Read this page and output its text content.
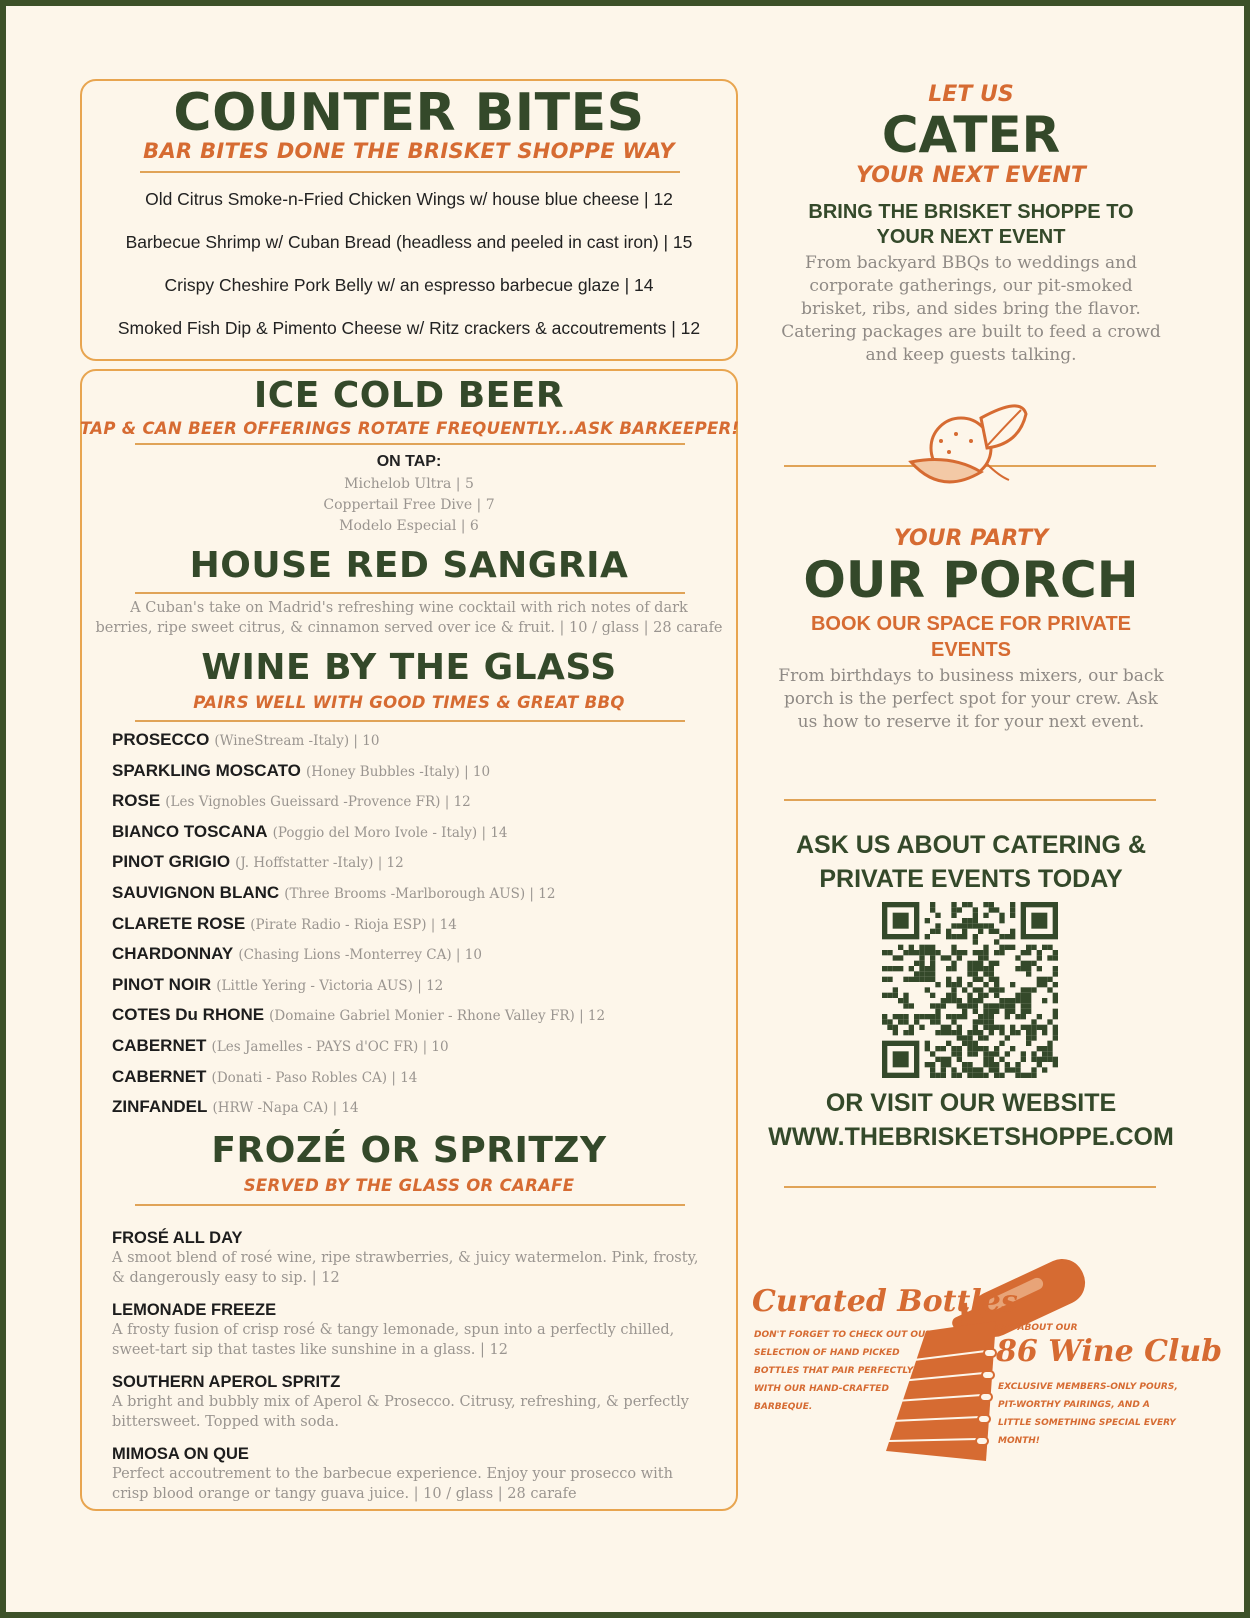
COUNTER BITES
BAR BITES DONE THE BRISKET SHOPPE WAY
Old Citrus Smoke-n-Fried Chicken Wings w/ house blue cheese | 12
Barbecue Shrimp w/ Cuban Bread (headless and peeled in cast iron) | 15
Crispy Cheshire Pork Belly w/ an espresso barbecue glaze | 14
Smoked Fish Dip & Pimento Cheese w/ Ritz crackers & accoutrements | 12
ICE COLD BEER
TAP & CAN BEER OFFERINGS ROTATE FREQUENTLY...ASK BARKEEPER!
ON TAP:
Michelob Ultra | 5
Coppertail Free Dive | 7
Modelo Especial | 6
HOUSE RED SANGRIA
A Cuban's take on Madrid's refreshing wine cocktail with rich notes of dark
berries, ripe sweet citrus, & cinnamon served over ice & fruit. | 10 / glass | 28 carafe
WINE BY THE GLASS
PAIRS WELL WITH GOOD TIMES & GREAT BBQ
PROSECCO (WineStream -Italy) | 10
SPARKLING MOSCATO (Honey Bubbles -Italy) | 10
ROSE (Les Vignobles Gueissard -Provence FR) | 12
BIANCO TOSCANA (Poggio del Moro Ivole - Italy) | 14
PINOT GRIGIO (J. Hoffstatter -Italy) | 12
SAUVIGNON BLANC (Three Brooms -Marlborough AUS) | 12
CLARETE ROSE (Pirate Radio - Rioja ESP) | 14
CHARDONNAY (Chasing Lions -Monterrey CA) | 10
PINOT NOIR (Little Yering - Victoria AUS) | 12
COTES Du RHONE (Domaine Gabriel Monier - Rhone Valley FR) | 12
CABERNET (Les Jamelles - PAYS d'OC FR) | 10
CABERNET (Donati - Paso Robles CA) | 14
ZINFANDEL (HRW -Napa CA) | 14
FROZÉ OR SPRITZY
SERVED BY THE GLASS OR CARAFE
FROSÉ ALL DAY
A smoot blend of rosé wine, ripe strawberries, & juicy watermelon. Pink, frosty, & dangerously easy to sip. | 12
LEMONADE FREEZE
A frosty fusion of crisp rosé & tangy lemonade, spun into a perfectly chilled, sweet-tart sip that tastes like sunshine in a glass. | 12
SOUTHERN APEROL SPRITZ
A bright and bubbly mix of Aperol & Prosecco. Citrusy, refreshing, & perfectly bittersweet. Topped with soda.
MIMOSA ON QUE
Perfect accoutrement to the barbecue experience. Enjoy your prosecco with crisp blood orange or tangy guava juice. | 10 / glass | 28 carafe
LET US
CATER
YOUR NEXT EVENT
BRING THE BRISKET SHOPPE TO YOUR NEXT EVENT
From backyard BBQs to weddings and corporate gatherings, our pit-smoked brisket, ribs, and sides bring the flavor. Catering packages are built to feed a crowd and keep guests talking.
YOUR PARTY
OUR PORCH
BOOK OUR SPACE FOR PRIVATE EVENTS
From birthdays to business mixers, our back porch is the perfect spot for your crew. Ask us how to reserve it for your next event.
ASK US ABOUT CATERING & PRIVATE EVENTS TODAY
OR VISIT OUR WEBSITE
WWW.THEBRISKETSHOPPE.COM
Curated Bottles
DON'T FORGET TO CHECK OUT OUR SELECTION OF HAND PICKED BOTTLES THAT PAIR PERFECTLY WITH OUR HAND-CRAFTED BARBEQUE.
ASK ABOUT OUR
86 Wine Club
EXCLUSIVE MEMBERS-ONLY POURS, PIT-WORTHY PAIRINGS, AND A LITTLE SOMETHING SPECIAL EVERY MONTH!
